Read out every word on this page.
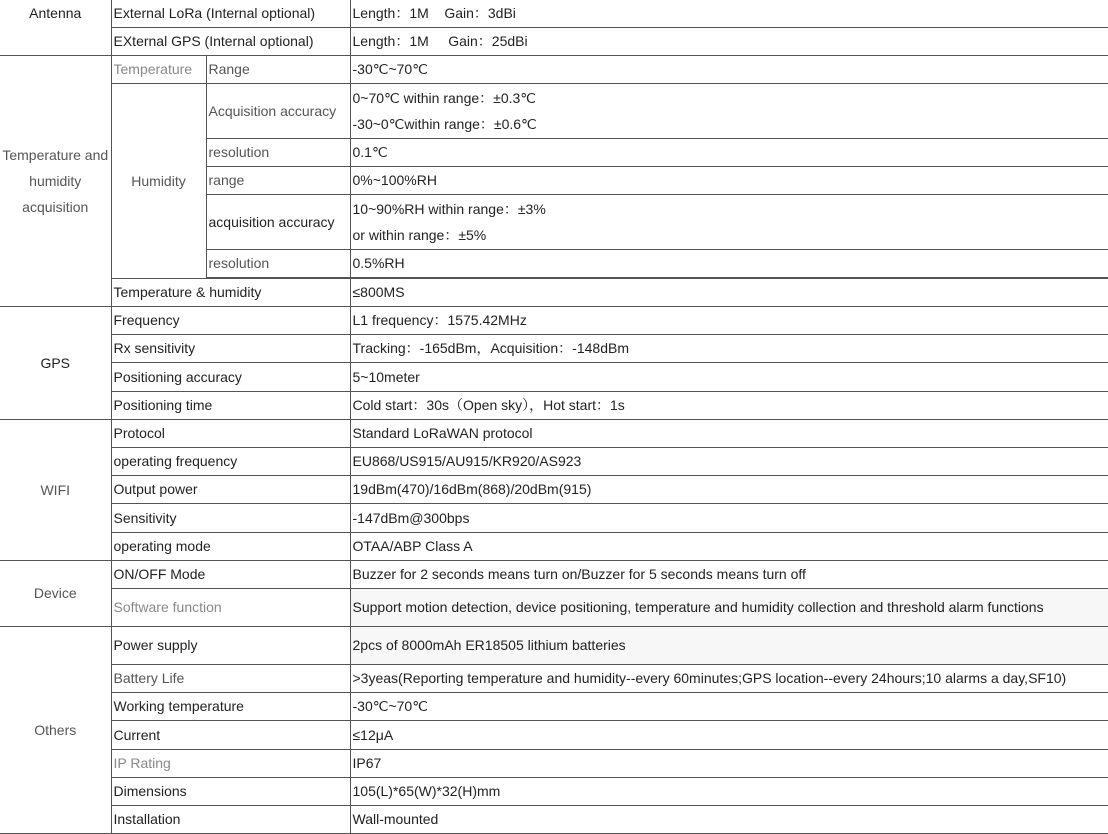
Antenna	External LoRa (Internal optional)		Length：1M    Gain：3dBi
	EXternal GPS (Internal optional)		Length：1M     Gain：25dBi
Temperature and humidity acquisition	Temperature	Range	-30℃~70℃
	Humidity	Acquisition accuracy	0~70℃ within range：±0.3℃
-30~0℃within range：±0.6℃

		resolution	0.1℃
		range	0%~100%RH
		acquisition accuracy	10~90%RH within range：±3%
or within range：±5%

		resolution	0.5%RH

	Temperature & humidity		≤800MS
GPS	Frequency		L1 frequency：1575.42MHz
	Rx sensitivity		Tracking：-165dBm，Acquisition：-148dBm
	Positioning accuracy		5~10meter
	Positioning time		Cold start：30s（Open sky），Hot start：1s
WIFI	Protocol		Standard LoRaWAN protocol
	operating frequency		EU868/US915/AU915/KR920/AS923
	Output power		19dBm(470)/16dBm(868)/20dBm(915)
	Sensitivity		-147dBm@300bps
	operating mode		OTAA/ABP Class A
Device	ON/OFF Mode		Buzzer for 2 seconds means turn on/Buzzer for 5 seconds means turn off
	Software function		Support motion detection, device positioning, temperature and humidity collection and threshold alarm functions
Others	Power supply		2pcs of 8000mAh ER18505 lithium batteries
	Battery Life		>3yeas(Reporting temperature and humidity--every 60minutes;GPS location--every 24hours;10 alarms a day,SF10)
	Working temperature		-30℃~70℃
	Current		≤12μA
	IP Rating		IP67
	Dimensions		105(L)*65(W)*32(H)mm
	Installation		Wall-mounted
